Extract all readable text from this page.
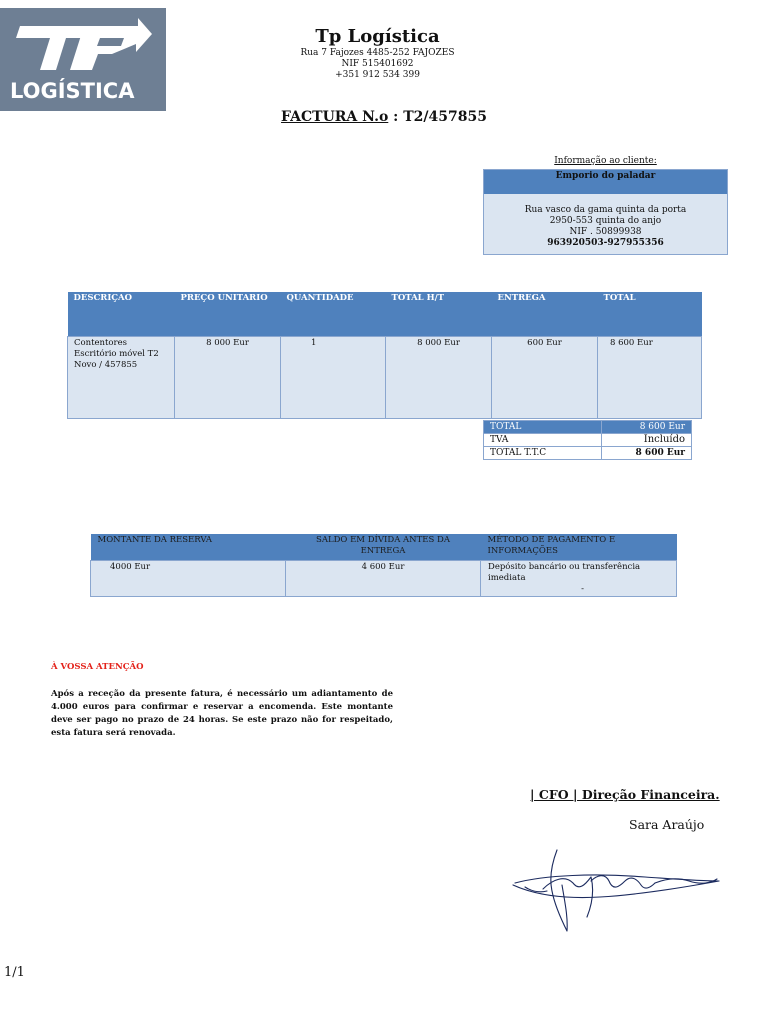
LOGÍSTICA
Tp Logística
Rua 7 Fajozes 4485-252 FAJOZES
NIF 515401692
+351 912 534 399
FACTURA N.o : T2/457855
Informação ao cliente:
Emporio do paladar
Rua vasco da gama quinta da porta
2950-553 quinta do anjo
NIF . 50899938
963920503-927955356
DESCRIÇAO	PREÇO UNITARIO	QUANTIDADE	TOTAL H/T	ENTREGA	TOTAL
Contentores Escritório móvel T2 Novo / 457855	8 000 Eur	1	8 000 Eur	600 Eur	8 600 Eur
TOTAL	8 600 Eur
TVA	Incluído
TOTAL T.T.C	8 600 Eur
MONTANTE DA RESERVA	SALDO EM DÍVIDA ANTES DA ENTREGA	MÉTODO DE PAGAMENTO E INFORMAÇÕES
4000 Eur	4 600 Eur	Depósito bancário ou transferência imediata
-
À VOSSA ATENÇÃO
Após a receção da presente fatura, é necessário um adiantamento de 4.000 euros para confirmar e reservar a encomenda. Este montante deve ser pago no prazo de 24 horas. Se este prazo não for respeitado, esta fatura será renovada.
| CFO | Direção Financeira.
Sara Araújo
1/1
